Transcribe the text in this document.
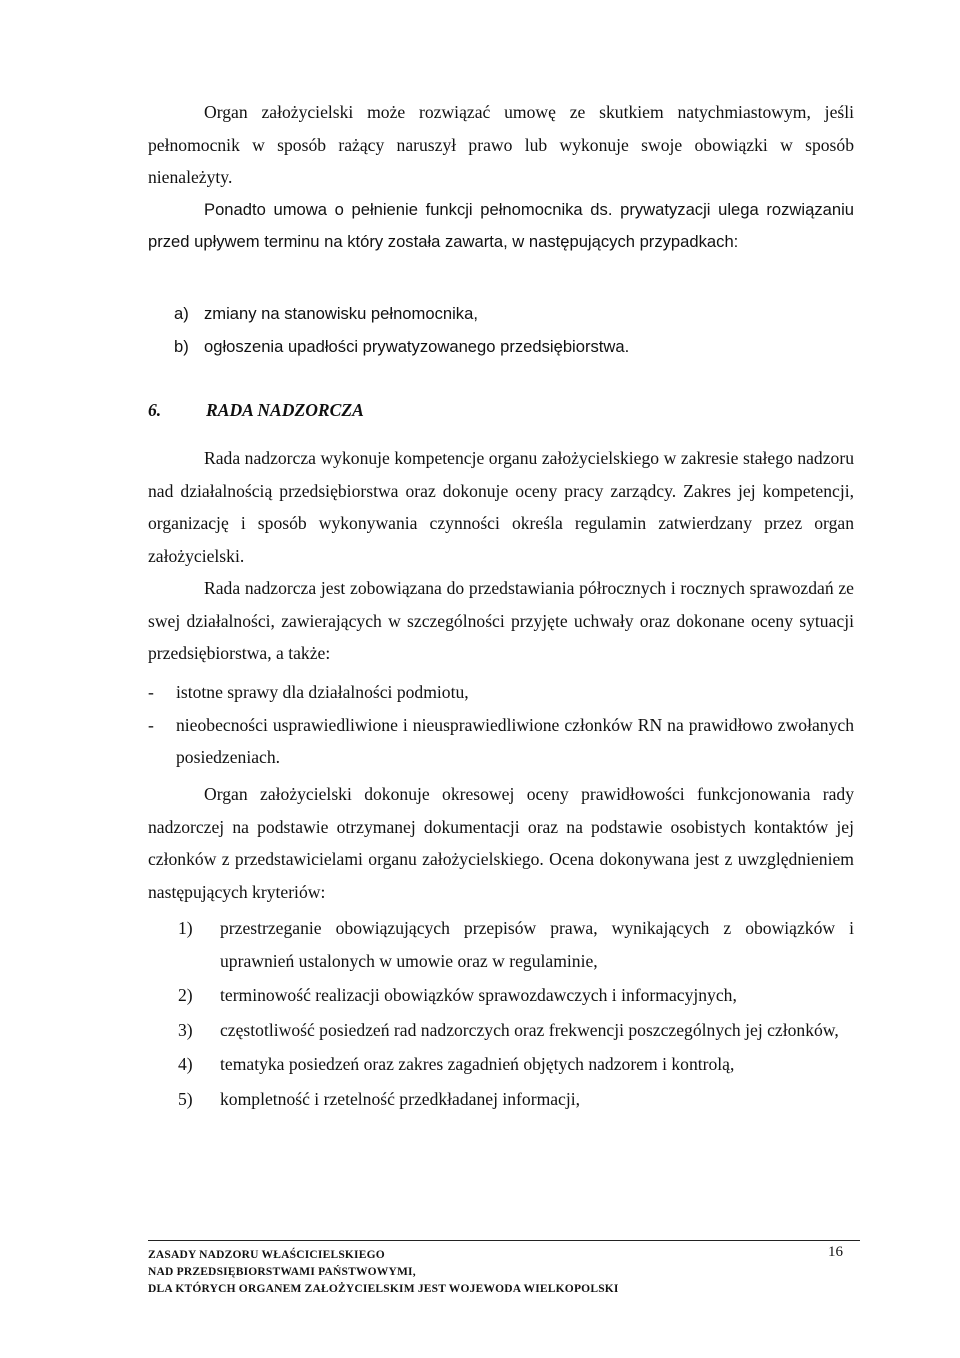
Organ założycielski może rozwiązać umowę ze skutkiem natychmiastowym, jeśli pełnomocnik w sposób rażący naruszył prawo lub wykonuje swoje obowiązki w sposób nienależyty.

Ponadto umowa o pełnienie funkcji pełnomocnika ds. prywatyzacji ulega rozwiązaniu przed upływem terminu na który została zawarta, w następujących przypadkach:

a) zmiany na stanowisku pełnomocnika,
b) ogłoszenia upadłości prywatyzowanego przedsiębiorstwa.
6.	RADA NADZORCZA

Rada nadzorcza wykonuje kompetencje organu założycielskiego w zakresie stałego nadzoru nad działalnością przedsiębiorstwa oraz dokonuje oceny pracy zarządcy. Zakres jej kompetencji, organizację i sposób wykonywania czynności określa regulamin zatwierdzany przez organ założycielski.

Rada nadzorcza jest zobowiązana do przedstawiania półrocznych i rocznych sprawozdań ze swej działalności, zawierających w szczególności przyjęte uchwały oraz dokonane oceny sytuacji przedsiębiorstwa, a także:

-	istotne sprawy dla działalności podmiotu,
-	nieobecności usprawiedliwione i nieusprawiedliwione członków RN na prawidłowo zwołanych posiedzeniach.

Organ założycielski dokonuje okresowej oceny prawidłowości funkcjonowania rady nadzorczej na podstawie otrzymanej dokumentacji oraz na podstawie osobistych kontaktów jej członków z przedstawicielami organu założycielskiego. Ocena dokonywana jest z uwzględnieniem następujących kryteriów:

1)	przestrzeganie obowiązujących przepisów prawa, wynikających z obowiązków i uprawnień ustalonych w umowie oraz w regulaminie,
2)	terminowość realizacji obowiązków sprawozdawczych i informacyjnych,
3)	częstotliwość posiedzeń rad nadzorczych oraz frekwencji poszczególnych jej członków,
4)	tematyka posiedzeń oraz zakres zagadnień objętych nadzorem i kontrolą,
5)	kompletność i rzetelność przedkładanej informacji,
ZASADY NADZORU WŁAŚCICIELSKIEGO
NAD PRZEDSIĘBIORSTWAMI PAŃSTWOWYMI,
DLA KTÓRYCH ORGANEM ZAŁOŻYCIELSKIM JEST WOJEWODA WIELKOPOLSKI
16
